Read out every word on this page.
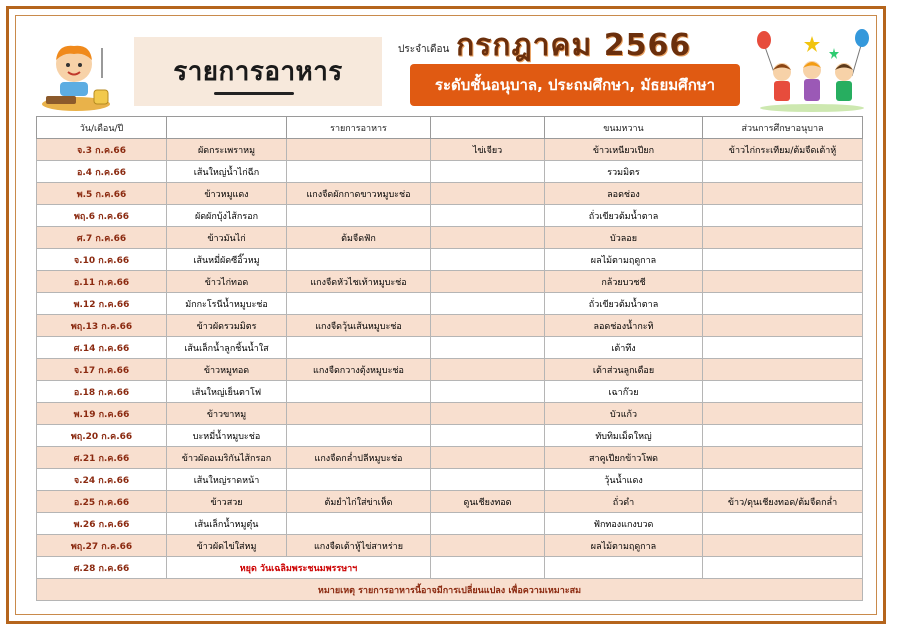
รายการอาหาร
ประจำเดือน กรกฎาคม 2566
ระดับชั้นอนุบาล, ประถมศึกษา, มัธยมศึกษา
วัน/เดือน/ปี		รายการอาหาร		ขนมหวาน	ส่วนการศึกษาอนุบาล
จ.3 ก.ค.66	ผัดกระเพราหมู		ไข่เจียว	ข้าวเหนียวเปียก	ข้าวไก่กระเทียม/ต้มจืดเต้าหู้
อ.4 ก.ค.66	เส้นใหญ่น้ำไก่ฉีก			รวมมิตร	
พ.5 ก.ค.66	ข้าวหมูแดง	แกงจืดผักกาดขาวหมูบะช่อ		ลอดช่อง	
พฤ.6 ก.ค.66	ผัดผักบุ้งไส้กรอก			ถั่วเขียวต้มน้ำตาล	
ศ.7 ก.ค.66	ข้าวมันไก่	ต้มจืดฟัก		บัวลอย	
จ.10 ก.ค.66	เส้นหมี่ผัดซีอิ๊วหมู			ผลไม้ตามฤดูกาล	
อ.11 ก.ค.66	ข้าวไก่ทอด	แกงจืดหัวไชเท้าหมูบะช่อ		กล้วยบวชชี	
พ.12 ก.ค.66	มักกะโรนีน้ำหมูบะช่อ			ถั่วเขียวต้มน้ำตาล	
พฤ.13 ก.ค.66	ข้าวผัดรวมมิตร	แกงจืดวุ้นเส้นหมูบะช่อ		ลอดช่องน้ำกะทิ	
ศ.14 ก.ค.66	เส้นเล็กน้ำลูกชิ้นน้ำใส			เต้าทึง	
จ.17 ก.ค.66	ข้าวหมูทอด	แกงจืดกวางตุ้งหมูบะช่อ		เต้าส่วนลูกเดือย	
อ.18 ก.ค.66	เส้นใหญ่เย็นตาโฟ			เฉาก๊วย	
พ.19 ก.ค.66	ข้าวขาหมู			บัวแก้ว	
พฤ.20 ก.ค.66	บะหมี่น้ำหมูบะช่อ			ทับทิมเม็ดใหญ่	
ศ.21 ก.ค.66	ข้าวผัดอเมริกันไส้กรอก	แกงจืดกล่ำปลีหมูบะช่อ		สาคูเปียกข้าวโพด	
จ.24 ก.ค.66	เส้นใหญ่ราดหน้า			วุ้นน้ำแดง	
อ.25 ก.ค.66	ข้าวสวย	ต้มยำไก่ใส่ข่าเห็ด	ดูนเชียงทอด	ถั่วดำ	ข้าว/ดุนเชียงทอด/ต้มจืดกล่ำ
พ.26 ก.ค.66	เส้นเล็กน้ำหมูตุ๋น			ฟักทองแกงบวด	
พฤ.27 ก.ค.66	ข้าวผัดไข่ใส่หมู	แกงจืดเต้าหู้ไข่สาหร่าย		ผลไม้ตามฤดูกาล	
ศ.28 ก.ค.66	หยุด วันเฉลิมพระชนมพรรษาฯ				
หมายเหตุ รายการอาหารนี้อาจมีการเปลี่ยนแปลง เพื่อความเหมาะสม					
